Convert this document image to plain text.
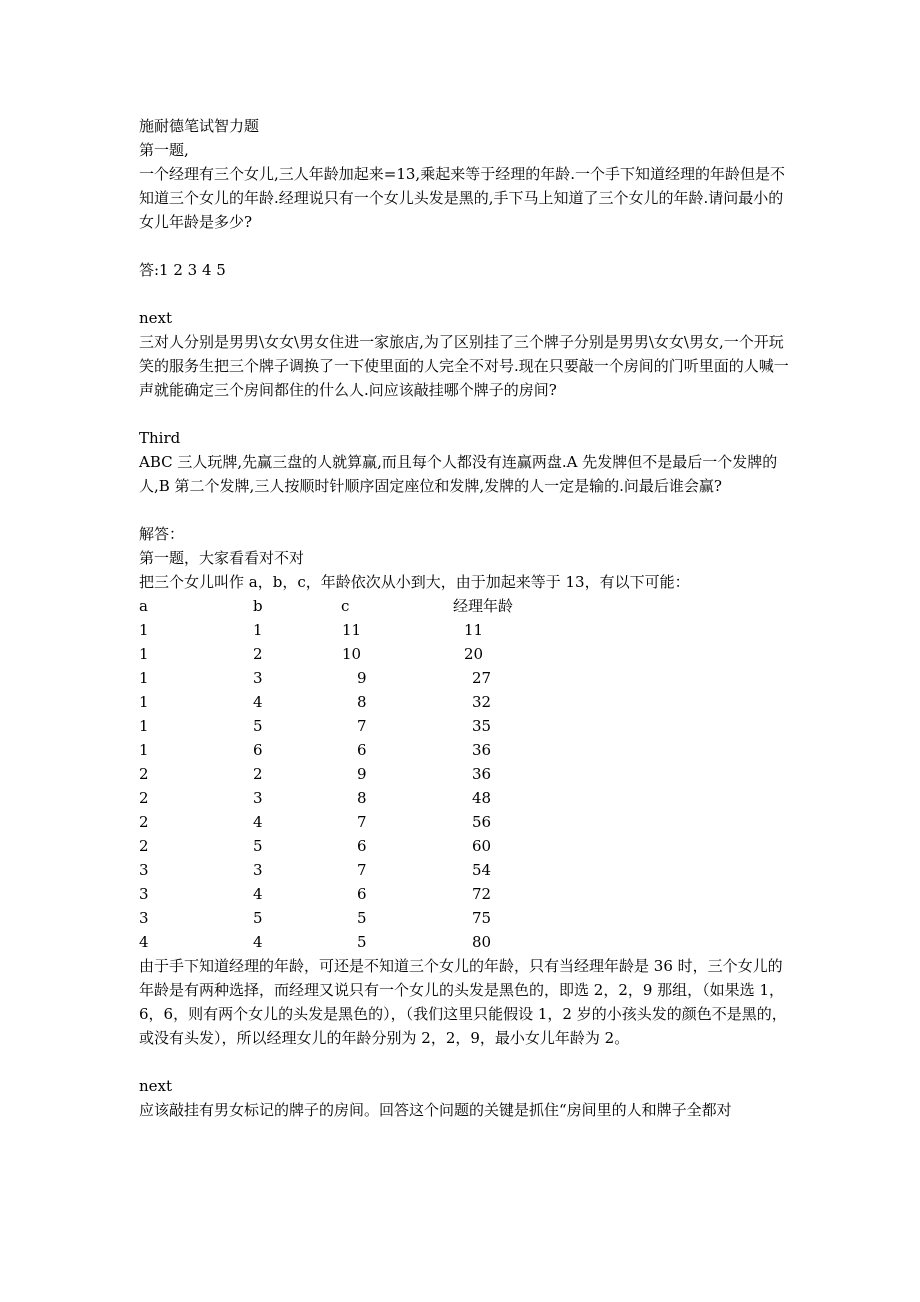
施耐德笔试智力题
第一题,
一个经理有三个女儿,三人年龄加起来=13,乘起来等于经理的年龄.一个手下知道经理的年龄但是不知道三个女儿的年龄.经理说只有一个女儿头发是黑的,手下马上知道了三个女儿的年龄.请问最小的女儿年龄是多少?
答:1 2 3 4 5
next
三对人分别是男男\女女\男女住进一家旅店,为了区别挂了三个牌子分别是男男\女女\男女,一个开玩笑的服务生把三个牌子调换了一下使里面的人完全不对号.现在只要敲一个房间的门听里面的人喊一声就能确定三个房间都住的什么人.问应该敲挂哪个牌子的房间?
Third
ABC 三人玩牌,先赢三盘的人就算赢,而且每个人都没有连赢两盘.A 先发牌但不是最后一个发牌的人,B 第二个发牌,三人按顺时针顺序固定座位和发牌,发牌的人一定是输的.问最后谁会赢?
解答：
第一题，大家看看对不对
把三个女儿叫作 a，b，c，年龄依次从小到大，由于加起来等于 13，有以下可能：
a	b	c	经理年龄
1	1	11	11
1	2	10	20
1	3	9	27
1	4	8	32
1	5	7	35
1	6	6	36
2	2	9	36
2	3	8	48
2	4	7	56
2	5	6	60
3	3	7	54
3	4	6	72
3	5	5	75
4	4	5	80
由于手下知道经理的年龄，可还是不知道三个女儿的年龄，只有当经理年龄是 36 时，三个女儿的年龄是有两种选择，而经理又说只有一个女儿的头发是黑色的，即选 2，2，9 那组，（如果选 1，6，6，则有两个女儿的头发是黑色的），（我们这里只能假设 1，2 岁的小孩头发的颜色不是黑的，或没有头发），所以经理女儿的年龄分别为 2，2，9，最小女儿年龄为 2。
next
应该敲挂有男女标记的牌子的房间。回答这个问题的关键是抓住“房间里的人和牌子全都对
